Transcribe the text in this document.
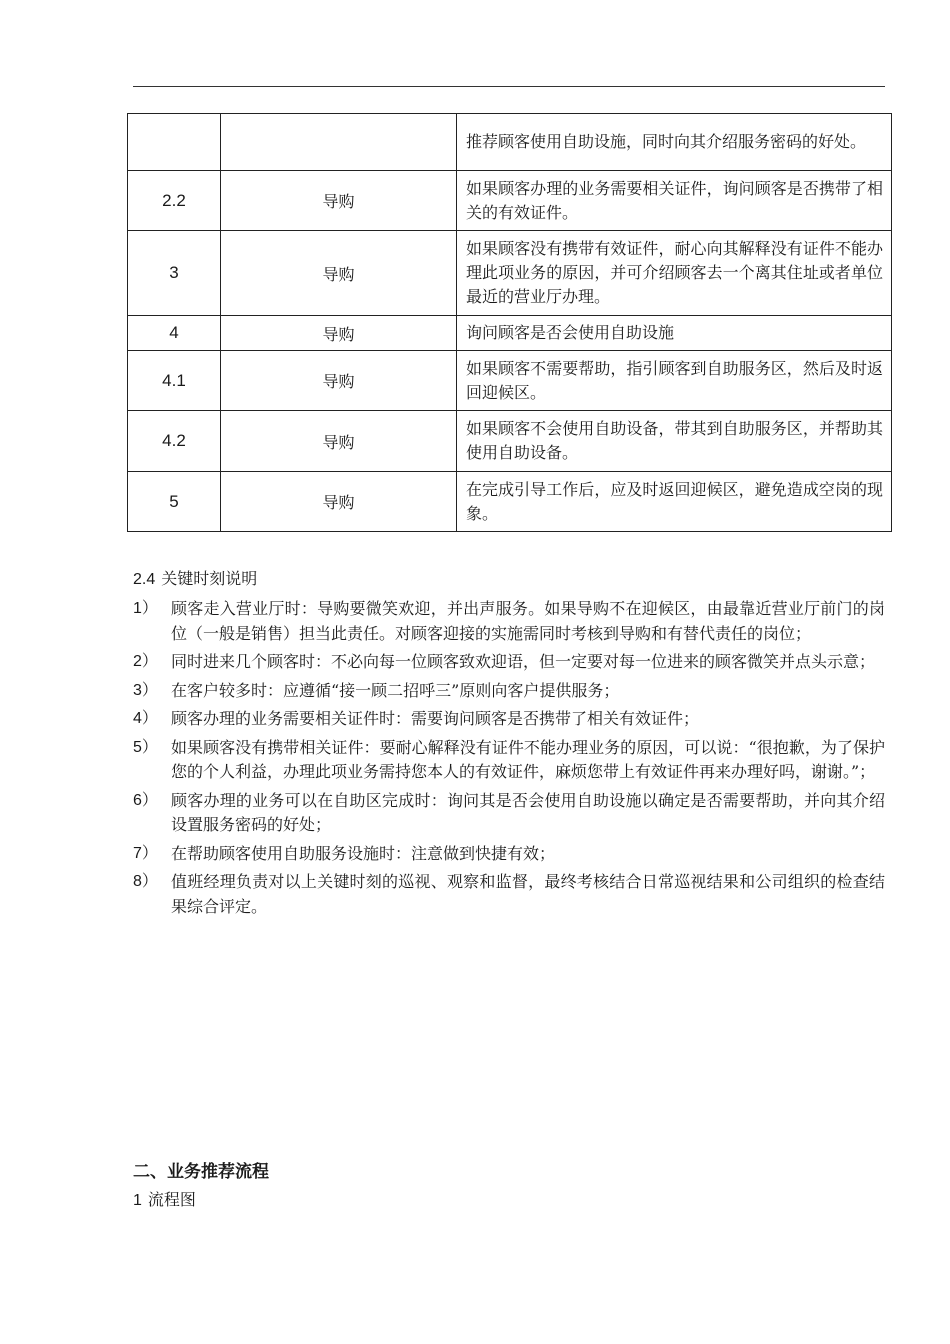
		推荐顾客使用自助设施，同时向其介绍服务密码的好处。
2.2	导购	如果顾客办理的业务需要相关证件，询问顾客是否携带了相关的有效证件。
3	导购	如果顾客没有携带有效证件，耐心向其解释没有证件不能办理此项业务的原因，并可介绍顾客去一个离其住址或者单位最近的营业厅办理。
4	导购	询问顾客是否会使用自助设施
4.1	导购	如果顾客不需要帮助，指引顾客到自助服务区，然后及时返回迎候区。
4.2	导购	如果顾客不会使用自助设备，带其到自助服务区，并帮助其使用自助设备。
5	导购	在完成引导工作后，应及时返回迎候区，避免造成空岗的现象。
2.4 关键时刻说明
1） 顾客走入营业厅时：导购要微笑欢迎，并出声服务。如果导购不在迎候区，由最靠近营业厅前门的岗位（一般是销售）担当此责任。对顾客迎接的实施需同时考核到导购和有替代责任的岗位；
2） 同时进来几个顾客时：不必向每一位顾客致欢迎语，但一定要对每一位进来的顾客微笑并点头示意；
3） 在客户较多时：应遵循“接一顾二招呼三”原则向客户提供服务；
4） 顾客办理的业务需要相关证件时：需要询问顾客是否携带了相关有效证件；
5） 如果顾客没有携带相关证件：要耐心解释没有证件不能办理业务的原因，可以说：“很抱歉，为了保护您的个人利益，办理此项业务需持您本人的有效证件，麻烦您带上有效证件再来办理好吗，谢谢。”；
6） 顾客办理的业务可以在自助区完成时：询问其是否会使用自助设施以确定是否需要帮助，并向其介绍设置服务密码的好处；
7） 在帮助顾客使用自助服务设施时：注意做到快捷有效；
8） 值班经理负责对以上关键时刻的巡视、观察和监督，最终考核结合日常巡视结果和公司组织的检查结果综合评定。
二、业务推荐流程
1 流程图
